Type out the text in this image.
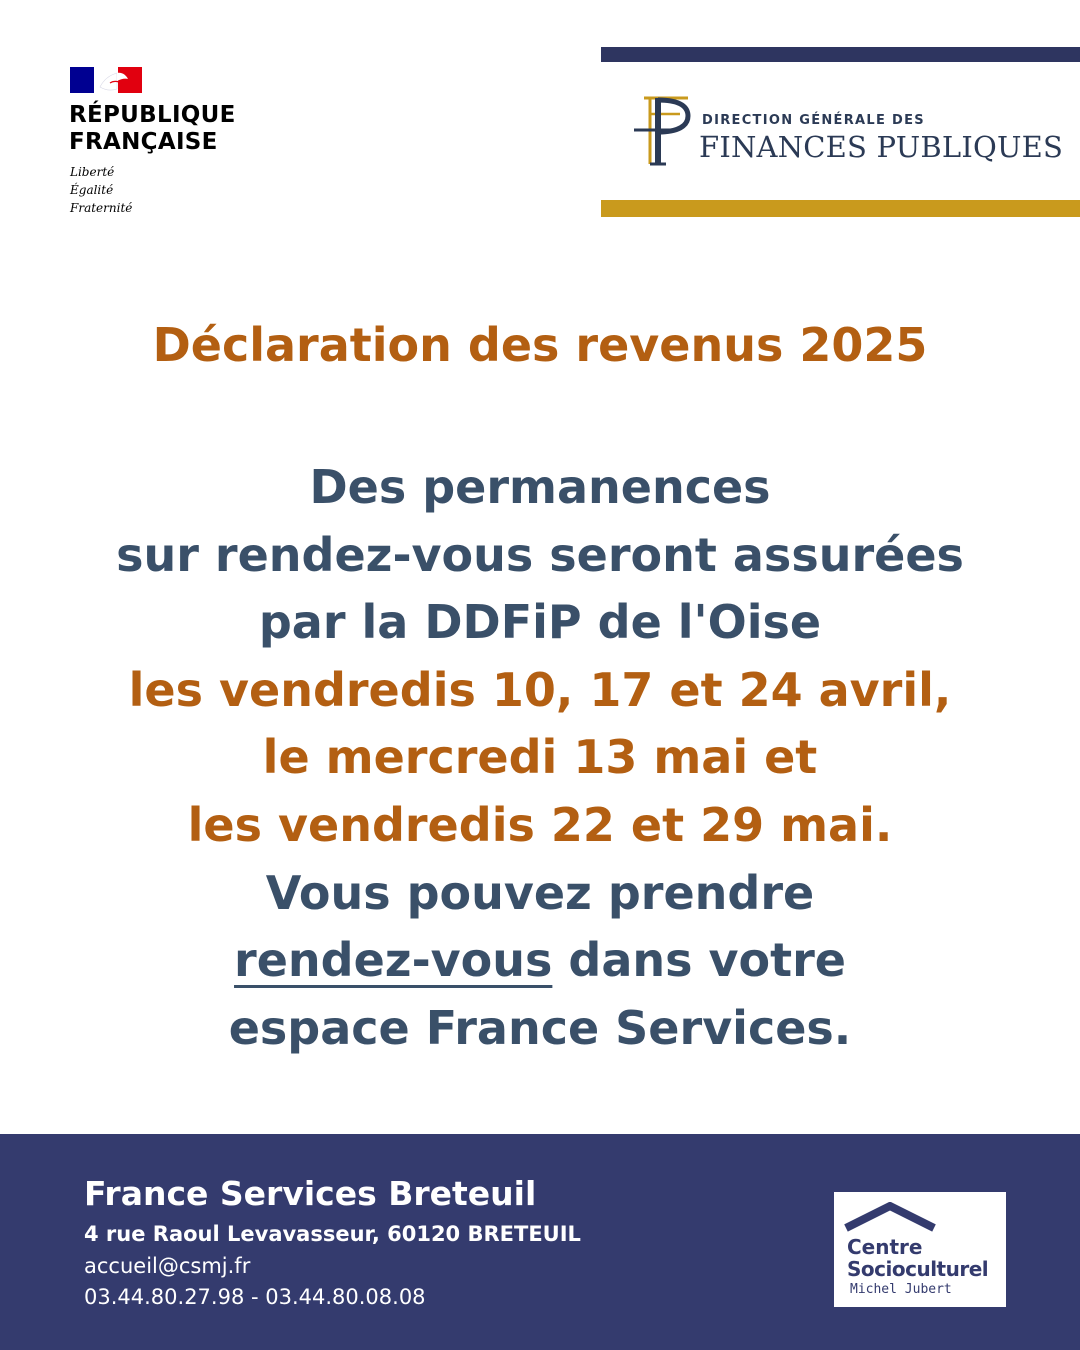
RÉPUBLIQUE
FRANÇAISE
Liberté
Égalité
Fraternité
DIRECTION GÉNÉRALE DES
FINANCES PUBLIQUES
Déclaration des revenus 2025
Des permanences
sur rendez-vous seront assurées
par la DDFiP de l'Oise
les vendredis 10, 17 et 24 avril,
le mercredi 13 mai et
les vendredis 22 et 29 mai.
Vous pouvez prendre
rendez-vous dans votre
espace France Services.
France Services Breteuil
4 rue Raoul Levavasseur, 60120 BRETEUIL
accueil@csmj.fr
03.44.80.27.98 - 03.44.80.08.08
Centre
Socioculturel
Michel Jubert
